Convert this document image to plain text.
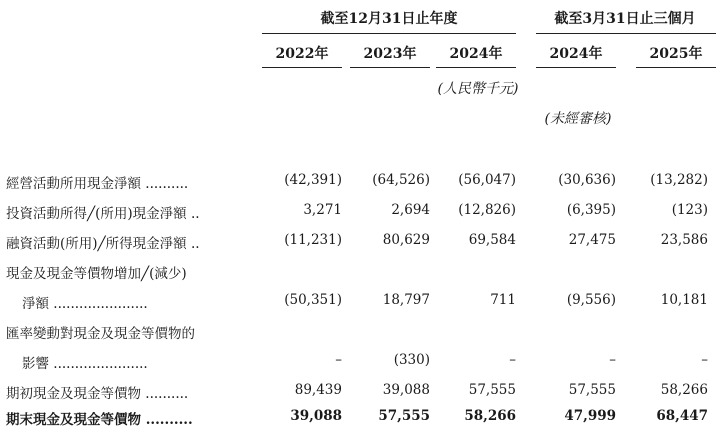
截至12月31日止年度	截至3月31日止三個月
2022年	2023年	2024年	2024年	2025年
(人民幣千元)
(未經審核)
經營活動所用現金淨額 ..........	(42,391)	(64,526)	(56,047)	(30,636)	(13,282)
投資活動所得╱(所用)現金淨額 ..	3,271	2,694	(12,826)	(6,395)	(123)
融資活動(所用)╱所得現金淨額 ..	(11,231)	80,629	69,584	27,475	23,586
現金及現金等價物增加╱(減少)
淨額 ......................	(50,351)	18,797	711	(9,556)	10,181
匯率變動對現金及現金等價物的
影響 ......................	–	(330)	–	–	–
期初現金及現金等價物 ..........	89,439	39,088	57,555	57,555	58,266
期末現金及現金等價物 ..........	39,088	57,555	58,266	47,999	68,447
